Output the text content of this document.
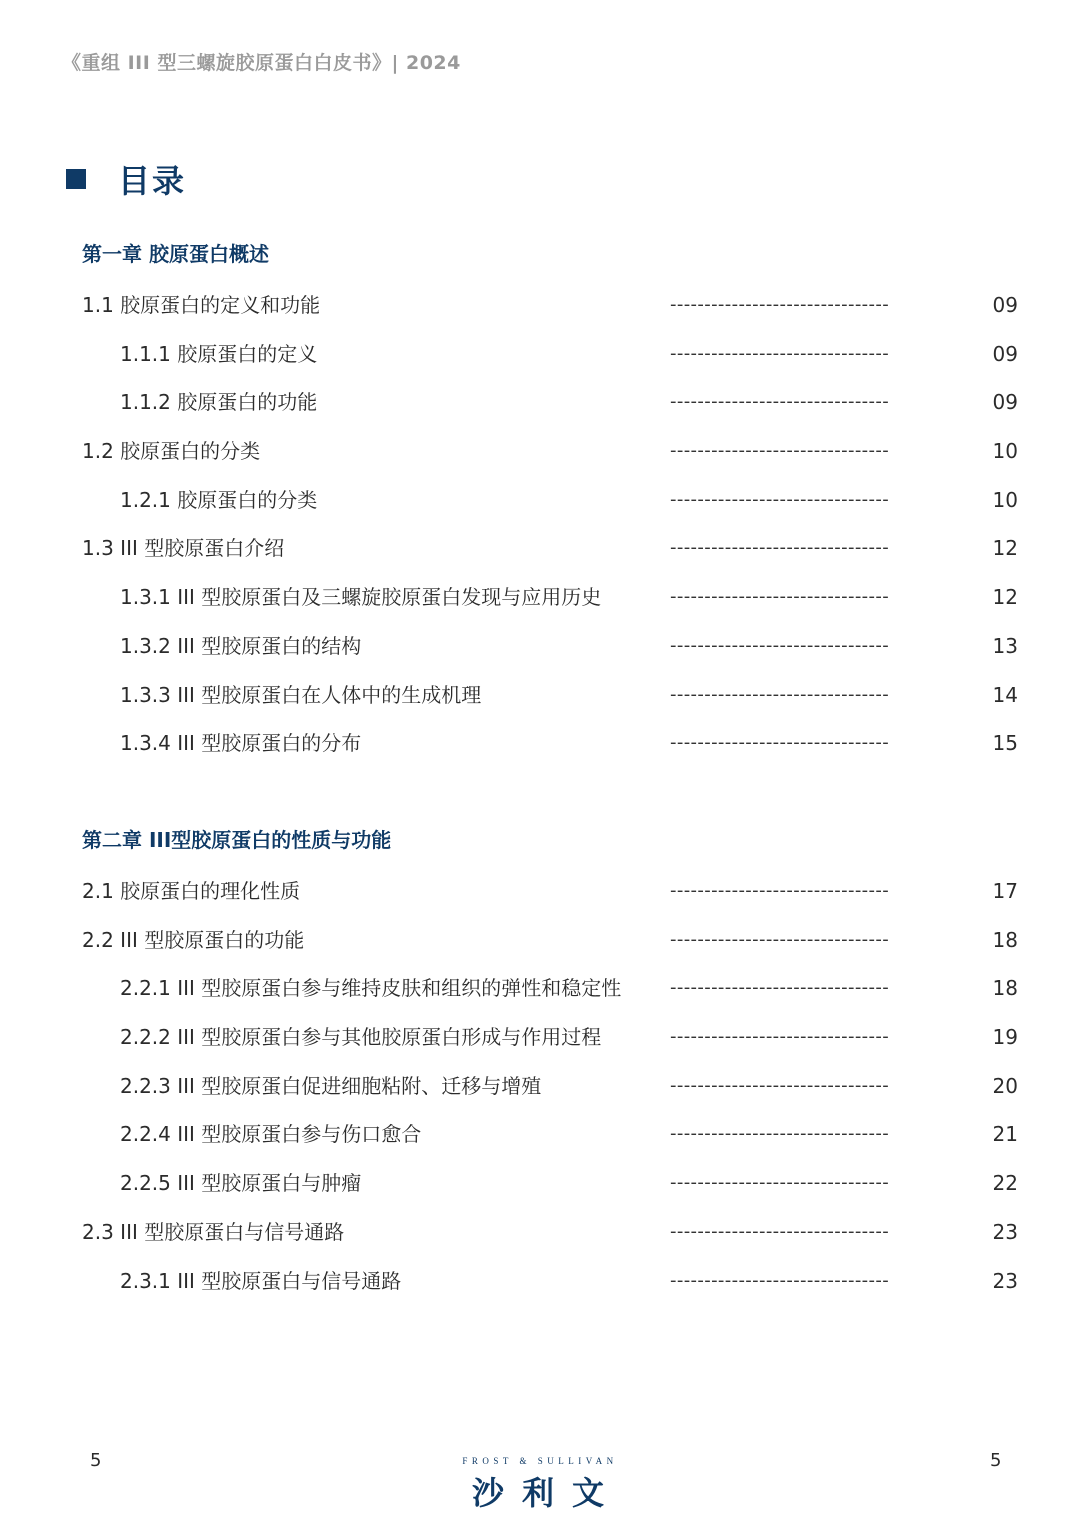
《重组 III 型三螺旋胶原蛋白白皮书》| 2024
目录
第一章 胶原蛋白概述
1.1 胶原蛋白的定义和功能	--------------------------------	09
1.1.1 胶原蛋白的定义	--------------------------------	09
1.1.2 胶原蛋白的功能	--------------------------------	09
1.2 胶原蛋白的分类	--------------------------------	10
1.2.1 胶原蛋白的分类	--------------------------------	10
1.3 III 型胶原蛋白介绍	--------------------------------	12
1.3.1 III 型胶原蛋白及三螺旋胶原蛋白发现与应用历史	--------------------------------	12
1.3.2 III 型胶原蛋白的结构	--------------------------------	13
1.3.3 III 型胶原蛋白在人体中的生成机理	--------------------------------	14
1.3.4 III 型胶原蛋白的分布	--------------------------------	15
第二章 III型胶原蛋白的性质与功能
2.1 胶原蛋白的理化性质	--------------------------------	17
2.2 III 型胶原蛋白的功能	--------------------------------	18
2.2.1 III 型胶原蛋白参与维持皮肤和组织的弹性和稳定性	--------------------------------	18
2.2.2 III 型胶原蛋白参与其他胶原蛋白形成与作用过程	--------------------------------	19
2.2.3 III 型胶原蛋白促进细胞粘附、迁移与增殖	--------------------------------	20
2.2.4 III 型胶原蛋白参与伤口愈合	--------------------------------	21
2.2.5 III 型胶原蛋白与肿瘤	--------------------------------	22
2.3 III 型胶原蛋白与信号通路	--------------------------------	23
2.3.1 III 型胶原蛋白与信号通路	--------------------------------	23
5	5
FROST & SULLIVAN
沙利文
